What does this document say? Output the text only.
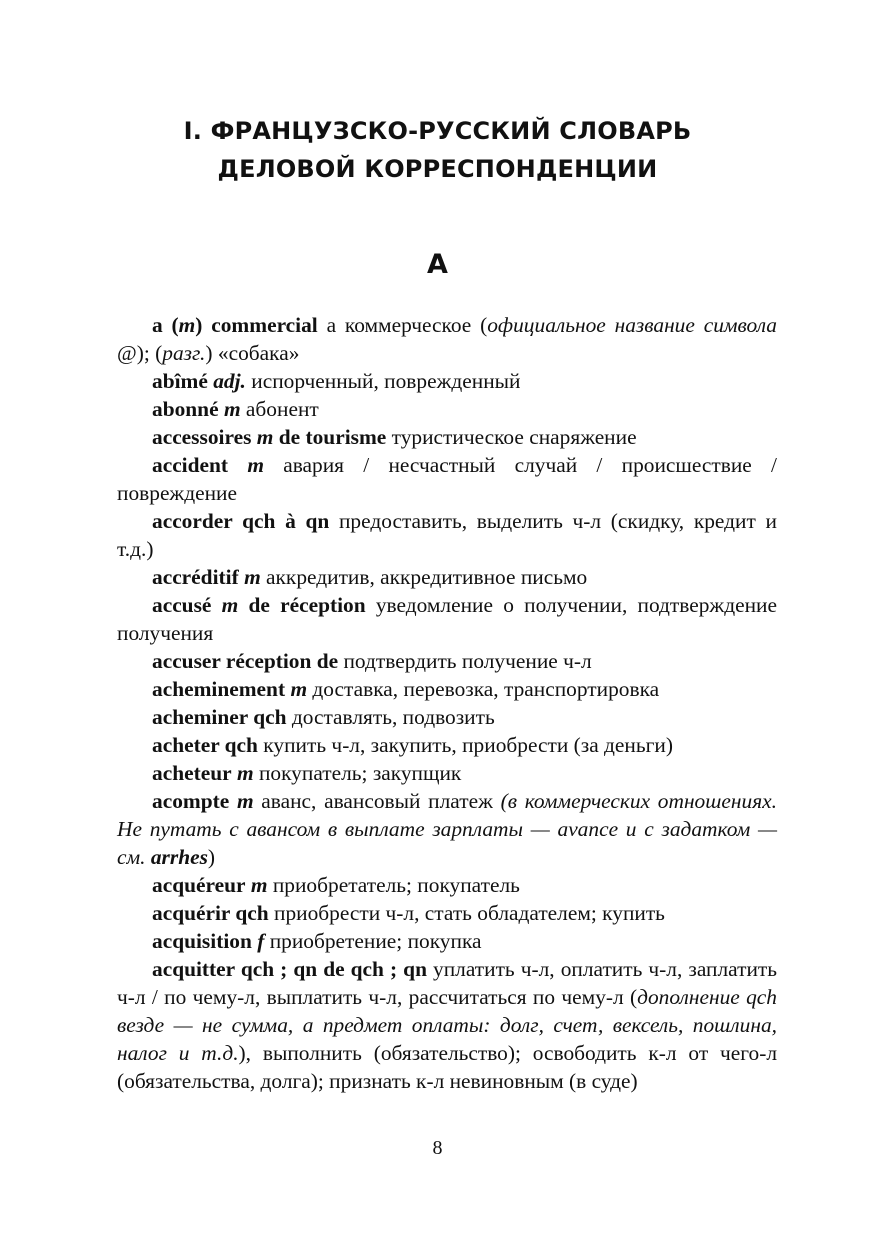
I. ФРАНЦУЗСКО-РУССКИЙ СЛОВАРЬ
ДЕЛОВОЙ КОРРЕСПОНДЕНЦИИ
А

a (m) commercial а коммерческое (официальное название символа @); (разг.) «собака»

abîmé adj. испорченный, поврежденный

abonné m абонент

accessoires m de tourisme туристическое снаряжение

accident m авария / несчастный случай / происшествие / повреждение

accorder qch à qn предоставить, выделить ч-л (скидку, кредит и т.д.)

accréditif m аккредитив, аккредитивное письмо

accusé m de réception уведомление о получении, подтверждение получения

accuser réception de подтвердить получение ч-л

acheminement m доставка, перевозка, транспортировка

acheminer qch доставлять, подвозить

acheter qch купить ч-л, закупить, приобрести (за деньги)

acheteur m покупатель; закупщик

acompte m аванс, авансовый платеж (в коммерческих отношениях. Не путать с авансом в выплате зарплаты — avance и с задатком — см. arrhes)

acquéreur m приобретатель; покупатель

acquérir qch приобрести ч-л, стать обладателем; купить

acquisition f приобретение; покупка

acquitter qch ; qn de qch ; qn уплатить ч-л, оплатить ч-л, заплатить ч-л / по чему-л, выплатить ч-л, рассчитаться по чему-л (дополнение qch везде — не сумма, а предмет оплаты: долг, счет, вексель, пошлина, налог и т.д.), выполнить (обязательство); освободить к-л от чего-л (обязательства, долга); признать к-л невиновным (в суде)

8
